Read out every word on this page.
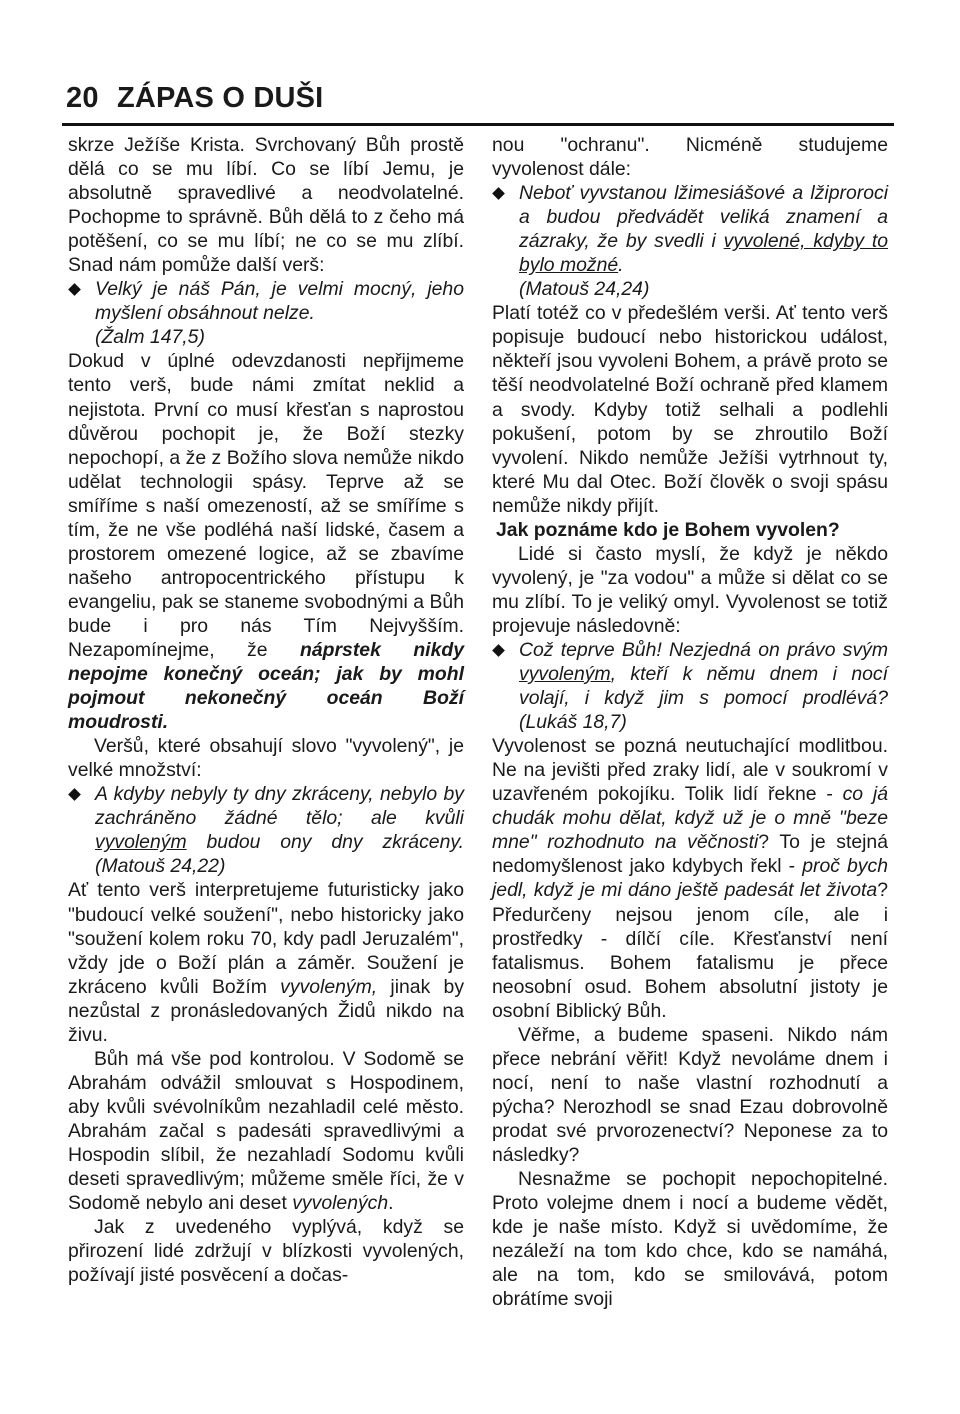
20 ZÁPAS O DUŠI

skrze Ježíše Krista. Svrchovaný Bůh prostě dělá co se mu líbí. Co se líbí Jemu, je absolutně spravedlivé a neodvolatelné. Pochopme to správně. Bůh dělá to z čeho má potěšení, co se mu líbí; ne co se mu zlíbí. Snad nám pomůže další verš:

Velký je náš Pán, je velmi mocný, jeho myšlení obsáhnout nelze.
(Žalm 147,5)

Dokud v úplné odevzdanosti nepřijmeme tento verš, bude námi zmítat neklid a nejistota. První co musí křesťan s naprostou důvěrou pochopit je, že Boží stezky nepochopí, a že z Božího slova nemůže nikdo udělat technologii spásy. Teprve až se smíříme s naší omezeností, až se smíříme s tím, že ne vše podléhá naší lidské, časem a prostorem omezené logice, až se zbavíme našeho antropocentrického přístupu k evangeliu, pak se staneme svobodnými a Bůh bude i pro nás Tím Nejvyšším. Nezapomínejme, že náprstek nikdy nepojme konečný oceán; jak by mohl pojmout nekonečný oceán Boží moudrosti.

Veršů, které obsahují slovo "vyvolený", je velké množství:

A kdyby nebyly ty dny zkráceny, nebylo by zachráněno žádné tělo; ale kvůli vyvoleným budou ony dny zkráceny. (Matouš 24,22)

Ať tento verš interpretujeme futuristicky jako "budoucí velké soužení", nebo historicky jako "soužení kolem roku 70, kdy padl Jeruzalém", vždy jde o Boží plán a záměr. Soužení je zkráceno kvůli Božím vyvoleným, jinak by nezůstal z pronásledovaných Židů nikdo na živu.

Bůh má vše pod kontrolou. V Sodomě se Abrahám odvážil smlouvat s Hospodinem, aby kvůli svévolníkům nezahladil celé město. Abrahám začal s padesáti spravedlivými a Hospodin slíbil, že nezahladí Sodomu kvůli deseti spravedlivým; můžeme směle říci, že v Sodomě nebylo ani deset vyvolených.

Jak z uvedeného vyplývá, když se přirození lidé zdržují v blízkosti vyvolených, požívají jisté posvěcení a dočas-

nou "ochranu". Nicméně studujeme vyvolenost dále:

Neboť vyvstanou lžimesiášové a lžiproroci a budou předvádět veliká znamení a zázraky, že by svedli i vyvolené, kdyby to bylo možné.
(Matouš 24,24)

Platí totéž co v předešlém verši. Ať tento verš popisuje budoucí nebo historickou událost, někteří jsou vyvoleni Bohem, a právě proto se těší neodvolatelné Boží ochraně před klamem a svody. Kdyby totiž selhali a podlehli pokušení, potom by se zhroutilo Boží vyvolení. Nikdo nemůže Ježíši vytrhnout ty, které Mu dal Otec. Boží člověk o svoji spásu nemůže nikdy přijít.

Jak poznáme kdo je Bohem vyvolen?

Lidé si často myslí, že když je někdo vyvolený, je "za vodou" a může si dělat co se mu zlíbí. To je veliký omyl. Vyvolenost se totiž projevuje následovně:

Což teprve Bůh! Nezjedná on právo svým vyvoleným, kteří k němu dnem i nocí volají, i když jim s pomocí prodlévá? (Lukáš 18,7)

Vyvolenost se pozná neutuchající modlitbou. Ne na jevišti před zraky lidí, ale v soukromí v uzavřeném pokojíku. Tolik lidí řekne - co já chudák mohu dělat, když už je o mně "beze mne" rozhodnuto na věčnosti? To je stejná nedomyšlenost jako kdybych řekl - proč bych jedl, když je mi dáno ještě padesát let života? Předurčeny nejsou jenom cíle, ale i prostředky - dílčí cíle. Křesťanství není fatalismus. Bohem fatalismu je přece neosobní osud. Bohem absolutní jistoty je osobní Biblický Bůh.

Věřme, a budeme spaseni. Nikdo nám přece nebrání věřit! Když nevoláme dnem i nocí, není to naše vlastní rozhodnutí a pýcha? Nerozhodl se snad Ezau dobrovolně prodat své prvorozenectví? Neponese za to následky?

Nesnažme se pochopit nepochopitelné. Proto volejme dnem i nocí a budeme vědět, kde je naše místo. Když si uvědomíme, že nezáleží na tom kdo chce, kdo se namáhá, ale na tom, kdo se smilovává, potom obrátíme svoji
